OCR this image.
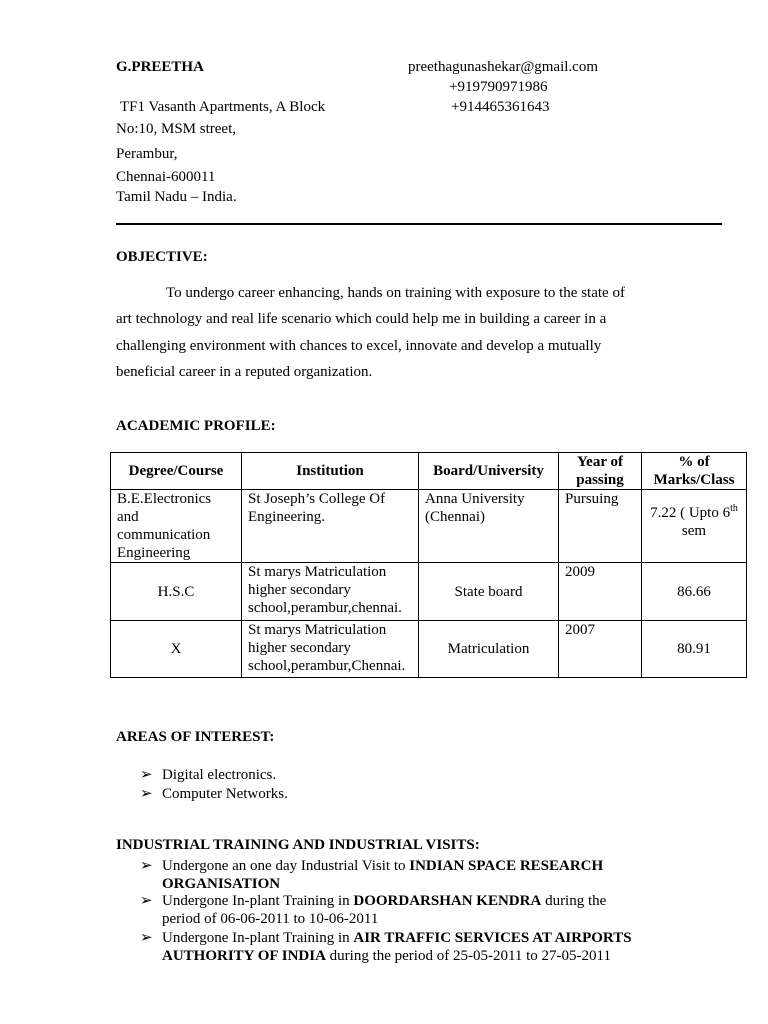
G.PREETHA	preethagunashekar@gmail.com
+919790971986
+914465361643
TF1 Vasanth Apartments, A Block
No:10, MSM street,
Perambur,
Chennai-600011
Tamil Nadu – India.
OBJECTIVE:
To undergo career enhancing, hands on training with exposure to the state of
art technology and real life scenario which could help me in building a career in a
challenging environment with chances to excel, innovate and develop a mutually
beneficial career in a reputed organization.
ACADEMIC PROFILE:
Degree/Course	Institution	Board/University	Year of passing	% of Marks/Class
B.E.Electronics and communication Engineering	St Joseph’s College Of Engineering.	Anna University (Chennai)	Pursuing	7.22 ( Upto 6th sem
H.S.C	St marys Matriculation higher secondary school,perambur,chennai.	State board	2009	86.66
X	St marys Matriculation higher secondary school,perambur,Chennai.	Matriculation	2007	80.91
AREAS OF INTEREST:
➢ Digital electronics.
➢ Computer Networks.
INDUSTRIAL TRAINING AND INDUSTRIAL VISITS:
➢ Undergone an one day Industrial Visit to INDIAN SPACE RESEARCH ORGANISATION
➢ Undergone In-plant Training in DOORDARSHAN KENDRA during the period of 06-06-2011 to 10-06-2011
➢ Undergone In-plant Training in AIR TRAFFIC SERVICES AT AIRPORTS AUTHORITY OF INDIA during the period of 25-05-2011 to 27-05-2011
